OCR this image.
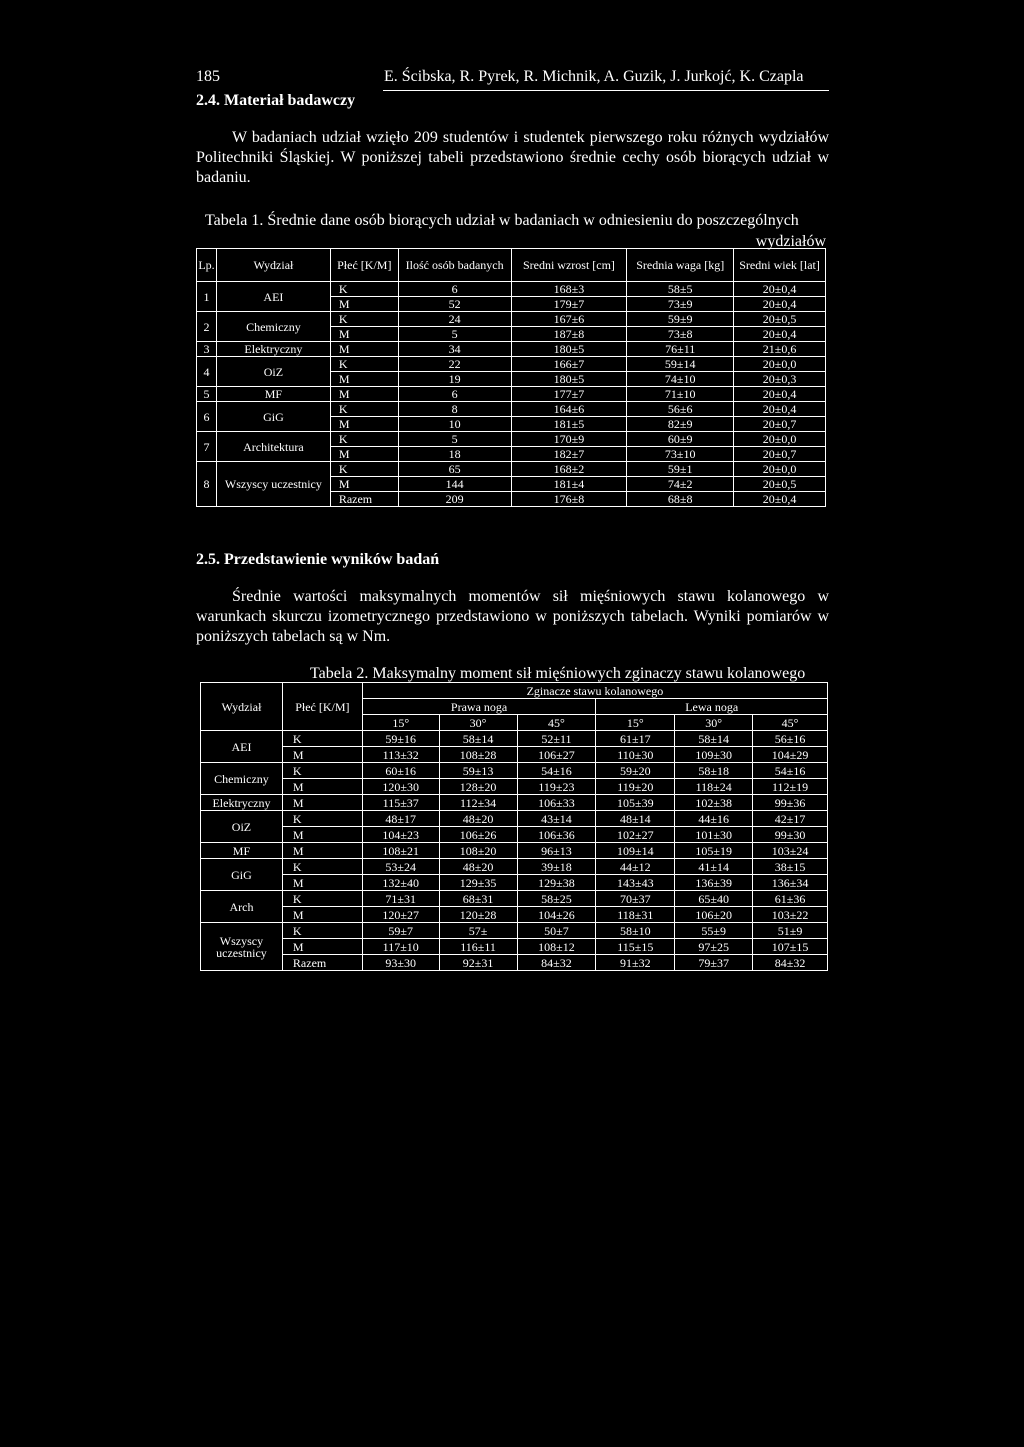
185	E. Ścibska, R. Pyrek, R. Michnik, A. Guzik, J. Jurkojć, K. Czapla
2.4. Materiał badawczy
W badaniach udział wzięło 209 studentów i studentek pierwszego roku różnych wydziałów Politechniki Śląskiej. W poniższej tabeli przedstawiono średnie cechy osób biorących udział w badaniu.
Tabela 1. Średnie dane osób biorących udział w badaniach w odniesieniu do poszczególnych
wydziałów
Lp.	Wydział	Płeć [K/M]	Ilość osób badanych	Sredni wzrost [cm]	Srednia waga [kg]	Sredni wiek [lat]
1	AEI	K	6	168±3	58±5	20±0,4
		M	52	179±7	73±9	20±0,4
2	Chemiczny	K	24	167±6	59±9	20±0,5
		M	5	187±8	73±8	20±0,4
3	Elektryczny	M	34	180±5	76±11	21±0,6
4	OiZ	K	22	166±7	59±14	20±0,0
		M	19	180±5	74±10	20±0,3
5	MF	M	6	177±7	71±10	20±0,4
6	GiG	K	8	164±6	56±6	20±0,4
		M	10	181±5	82±9	20±0,7
7	Architektura	K	5	170±9	60±9	20±0,0
		M	18	182±7	73±10	20±0,7
8	Wszyscy uczestnicy	K	65	168±2	59±1	20±0,0
		M	144	181±4	74±2	20±0,5
		Razem	209	176±8	68±8	20±0,4
2.5. Przedstawienie wyników badań
Średnie wartości maksymalnych momentów sił mięśniowych stawu kolanowego w warunkach skurczu izometrycznego przedstawiono w poniższych tabelach. Wyniki pomiarów w poniższych tabelach są w Nm.
Tabela 2. Maksymalny moment sił mięśniowych zginaczy stawu kolanowego
Wydział	Płeć [K/M]	Zginacze stawu kolanowego					
		Prawa noga			Lewa noga		
		15°	30°	45°	15°	30°	45°
AEI	K	59±16	58±14	52±11	61±17	58±14	56±16
	M	113±32	108±28	106±27	110±30	109±30	104±29
Chemiczny	K	60±16	59±13	54±16	59±20	58±18	54±16
	M	120±30	128±20	119±23	119±20	118±24	112±19
Elektryczny	M	115±37	112±34	106±33	105±39	102±38	99±36
OiZ	K	48±17	48±20	43±14	48±14	44±16	42±17
	M	104±23	106±26	106±36	102±27	101±30	99±30
MF	M	108±21	108±20	96±13	109±14	105±19	103±24
GiG	K	53±24	48±20	39±18	44±12	41±14	38±15
	M	132±40	129±35	129±38	143±43	136±39	136±34
Arch	K	71±31	68±31	58±25	70±37	65±40	61±36
	M	120±27	120±28	104±26	118±31	106±20	103±22
Wszyscy uczestnicy	K	59±7	57±	50±7	58±10	55±9	51±9
	M	117±10	116±11	108±12	115±15	97±25	107±15
	Razem	93±30	92±31	84±32	91±32	79±37	84±32
